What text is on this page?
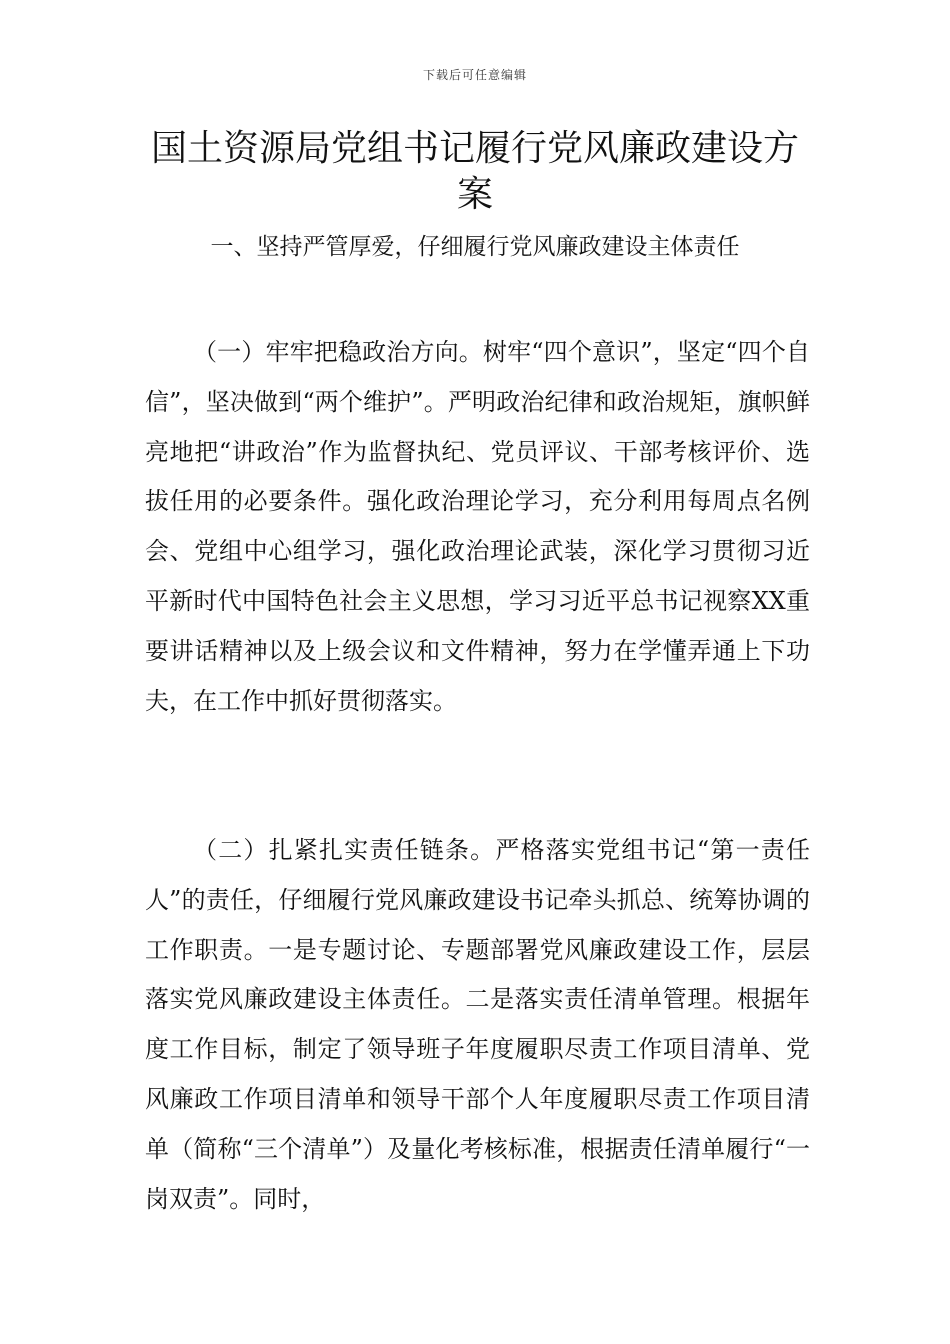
下载后可任意编辑
国土资源局党组书记履行党风廉政建设方案
一、坚持严管厚爱，仔细履行党风廉政建设主体责任

（一）牢牢把稳政治方向。树牢“四个意识”，坚定“四个自信”，坚决做到“两个维护”。严明政治纪律和政治规矩，旗帜鲜亮地把“讲政治”作为监督执纪、党员评议、干部考核评价、选拔任用的必要条件。强化政治理论学习，充分利用每周点名例会、党组中心组学习，强化政治理论武装，深化学习贯彻习近平新时代中国特色社会主义思想，学习习近平总书记视察XX重要讲话精神以及上级会议和文件精神，努力在学懂弄通上下功夫，在工作中抓好贯彻落实。

（二）扎紧扎实责任链条。严格落实党组书记“第一责任人”的责任，仔细履行党风廉政建设书记牵头抓总、统筹协调的工作职责。一是专题讨论、专题部署党风廉政建设工作，层层落实党风廉政建设主体责任。二是落实责任清单管理。根据年度工作目标，制定了领导班子年度履职尽责工作项目清单、党风廉政工作项目清单和领导干部个人年度履职尽责工作项目清单（简称“三个清单”）及量化考核标准，根据责任清单履行“一岗双责”。同时，
